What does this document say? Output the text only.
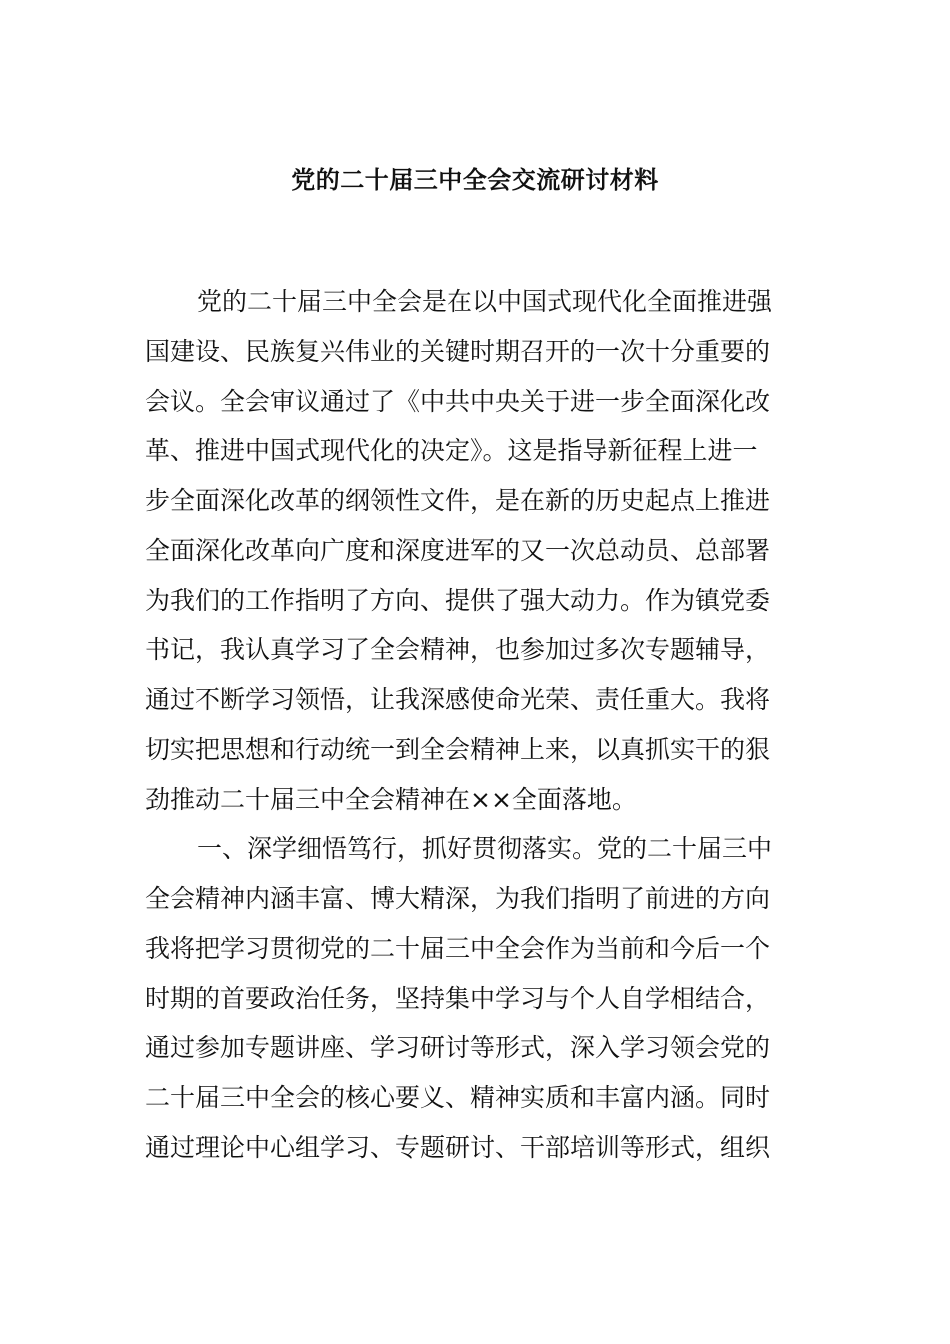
党的二十届三中全会交流研讨材料
党的二十届三中全会是在以中国式现代化全面推进强
国建设、民族复兴伟业的关键时期召开的一次十分重要的
会议。全会审议通过了《中共中央关于进一步全面深化改
革、推进中国式现代化的决定》。这是指导新征程上进一
步全面深化改革的纲领性文件，是在新的历史起点上推进
全面深化改革向广度和深度进军的又一次总动员、总部署
为我们的工作指明了方向、提供了强大动力。作为镇党委
书记，我认真学习了全会精神，也参加过多次专题辅导，
通过不断学习领悟，让我深感使命光荣、责任重大。我将
切实把思想和行动统一到全会精神上来，以真抓实干的狠
劲推动二十届三中全会精神在××全面落地。
一、深学细悟笃行，抓好贯彻落实。党的二十届三中
全会精神内涵丰富、博大精深，为我们指明了前进的方向
我将把学习贯彻党的二十届三中全会作为当前和今后一个
时期的首要政治任务，坚持集中学习与个人自学相结合，
通过参加专题讲座、学习研讨等形式，深入学习领会党的
二十届三中全会的核心要义、精神实质和丰富内涵。同时
通过理论中心组学习、专题研讨、干部培训等形式，组织
